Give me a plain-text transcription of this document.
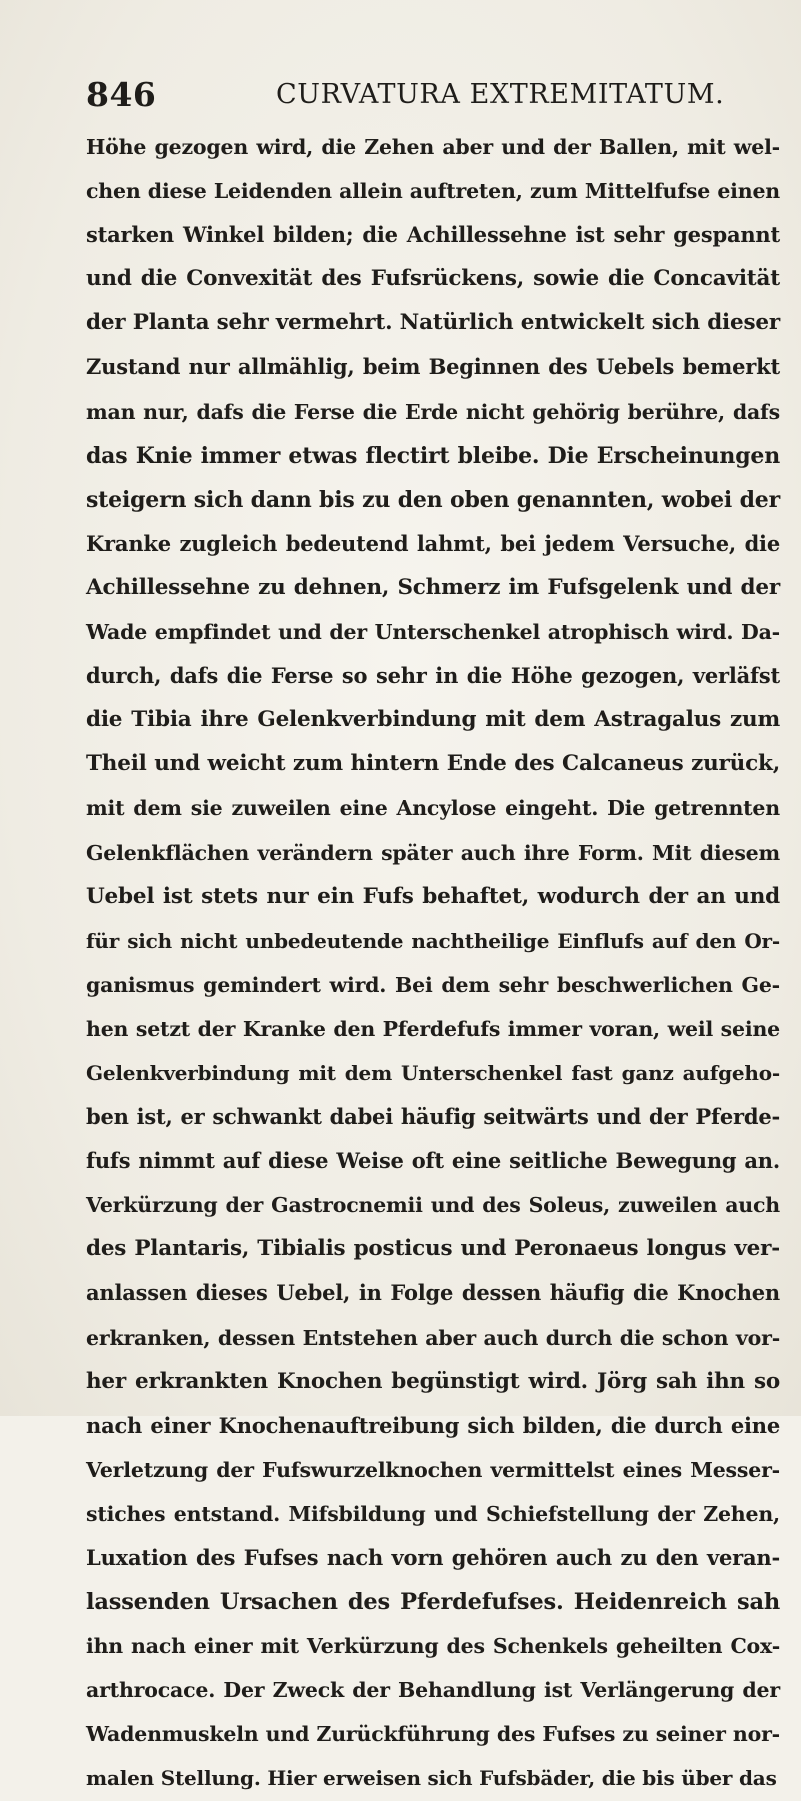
846	CURVATURA EXTREMITATUM.
Höhe gezogen wird, die Zehen aber und der Ballen, mit wel-
chen diese Leidenden allein auftreten, zum Mittelfufse einen
starken Winkel bilden; die Achillessehne ist sehr gespannt
und die Convexität des Fufsrückens, sowie die Concavität
der Planta sehr vermehrt. Natürlich entwickelt sich dieser
Zustand nur allmählig, beim Beginnen des Uebels bemerkt
man nur, dafs die Ferse die Erde nicht gehörig berühre, dafs
das Knie immer etwas flectirt bleibe. Die Erscheinungen
steigern sich dann bis zu den oben genannten, wobei der
Kranke zugleich bedeutend lahmt, bei jedem Versuche, die
Achillessehne zu dehnen, Schmerz im Fufsgelenk und der
Wade empfindet und der Unterschenkel atrophisch wird. Da-
durch, dafs die Ferse so sehr in die Höhe gezogen, verläfst
die Tibia ihre Gelenkverbindung mit dem Astragalus zum
Theil und weicht zum hintern Ende des Calcaneus zurück,
mit dem sie zuweilen eine Ancylose eingeht. Die getrennten
Gelenkflächen verändern später auch ihre Form. Mit diesem
Uebel ist stets nur ein Fufs behaftet, wodurch der an und
für sich nicht unbedeutende nachtheilige Einflufs auf den Or-
ganismus gemindert wird. Bei dem sehr beschwerlichen Ge-
hen setzt der Kranke den Pferdefufs immer voran, weil seine
Gelenkverbindung mit dem Unterschenkel fast ganz aufgeho-
ben ist, er schwankt dabei häufig seitwärts und der Pferde-
fufs nimmt auf diese Weise oft eine seitliche Bewegung an.
Verkürzung der Gastrocnemii und des Soleus, zuweilen auch
des Plantaris, Tibialis posticus und Peronaeus longus ver-
anlassen dieses Uebel, in Folge dessen häufig die Knochen
erkranken, dessen Entstehen aber auch durch die schon vor-
her erkrankten Knochen begünstigt wird. Jörg sah ihn so
nach einer Knochenauftreibung sich bilden, die durch eine
Verletzung der Fufswurzelknochen vermittelst eines Messer-
stiches entstand. Mifsbildung und Schiefstellung der Zehen,
Luxation des Fufses nach vorn gehören auch zu den veran-
lassenden Ursachen des Pferdefufses. Heidenreich sah
ihn nach einer mit Verkürzung des Schenkels geheilten Cox-
arthrocace. Der Zweck der Behandlung ist Verlängerung der
Wadenmuskeln und Zurückführung des Fufses zu seiner nor-
malen Stellung. Hier erweisen sich Fufsbäder, die bis über das
